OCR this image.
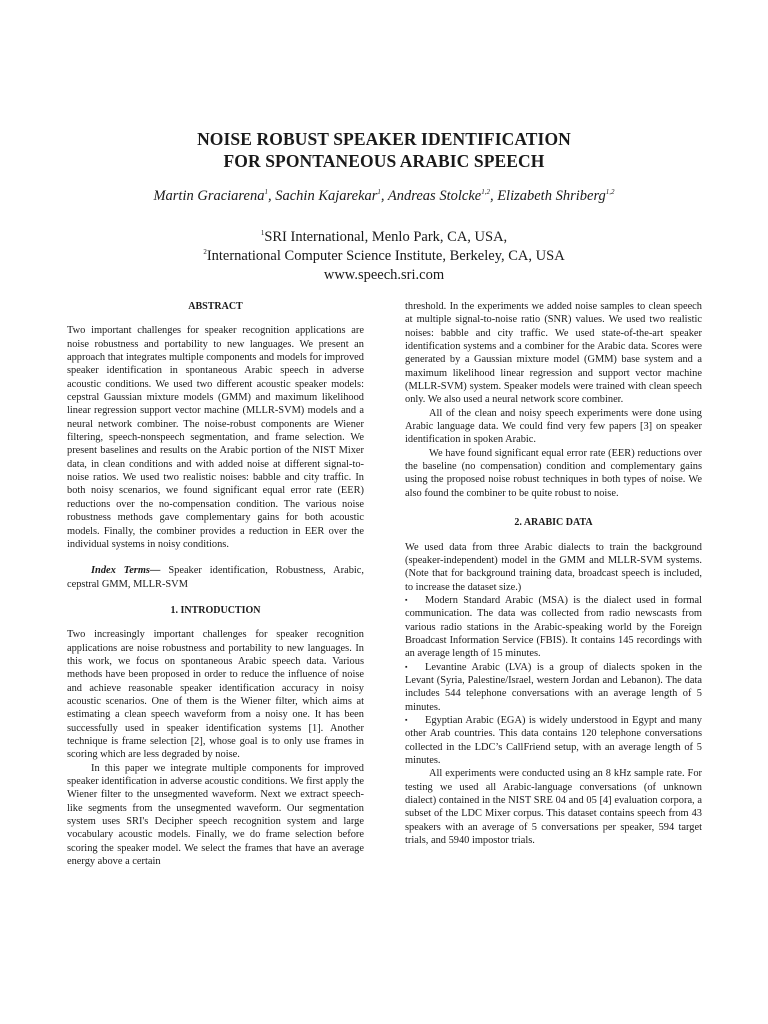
NOISE ROBUST SPEAKER IDENTIFICATION
FOR SPONTANEOUS ARABIC SPEECH
Martin Graciarena$^1$, Sachin Kajarekar$^1$, Andreas Stolcke$^{1,2}$, Elizabeth Shriberg$^{1,2}$
$^1$SRI International, Menlo Park, CA, USA,
$^2$International Computer Science Institute, Berkeley, CA, USA
www.speech.sri.com

ABSTRACT

Two important challenges for speaker recognition applications are noise robustness and portability to new languages. We present an approach that integrates multiple components and models for improved speaker identification in spontaneous Arabic speech in adverse acoustic conditions. We used two different acoustic speaker models: cepstral Gaussian mixture models (GMM) and maximum likelihood linear regression support vector machine (MLLR-SVM) models and a neural network combiner. The noise-robust components are Wiener filtering, speech-nonspeech segmentation, and frame selection. We present baselines and results on the Arabic portion of the NIST Mixer data, in clean conditions and with added noise at different signal-to-noise ratios. We used two realistic noises: babble and city traffic. In both noisy scenarios, we found significant equal error rate (EER) reductions over the no-compensation condition. The various noise robustness methods gave complementary gains for both acoustic models. Finally, the combiner provides a reduction in EER over the individual systems in noisy conditions.

Index Terms— Speaker identification, Robustness, Arabic, cepstral GMM, MLLR-SVM

1. INTRODUCTION

Two increasingly important challenges for speaker recognition applications are noise robustness and portability to new languages. In this work, we focus on spontaneous Arabic speech data. Various methods have been proposed in order to reduce the influence of noise and achieve reasonable speaker identification accuracy in noisy acoustic scenarios. One of them is the Wiener filter, which aims at estimating a clean speech waveform from a noisy one. It has been successfully used in speaker identification systems [1]. Another technique is frame selection [2], whose goal is to only use frames in scoring which are less degraded by noise.

In this paper we integrate multiple components for improved speaker identification in adverse acoustic conditions. We first apply the Wiener filter to the unsegmented waveform. Next we extract speech-like segments from the unsegmented waveform. Our segmentation system uses SRI's Decipher speech recognition system and large vocabulary acoustic models. Finally, we do frame selection before scoring the speaker model. We select the frames that have an average energy above a certain

threshold. In the experiments we added noise samples to clean speech at multiple signal-to-noise ratio (SNR) values. We used two realistic noises: babble and city traffic. We used state-of-the-art speaker identification systems and a combiner for the Arabic data. Scores were generated by a Gaussian mixture model (GMM) base system and a maximum likelihood linear regression and support vector machine (MLLR-SVM) system. Speaker models were trained with clean speech only. We also used a neural network score combiner.

All of the clean and noisy speech experiments were done using Arabic language data. We could find very few papers [3] on speaker identification in spoken Arabic.

We have found significant equal error rate (EER) reductions over the baseline (no compensation) condition and complementary gains using the proposed noise robust techniques in both types of noise. We also found the combiner to be quite robust to noise.

2. ARABIC DATA

We used data from three Arabic dialects to train the background (speaker-independent) model in the GMM and MLLR-SVM systems. (Note that for background training data, broadcast speech is included, to increase the dataset size.)

▪ Modern Standard Arabic (MSA) is the dialect used in formal communication. The data was collected from radio newscasts from various radio stations in the Arabic-speaking world by the Foreign Broadcast Information Service (FBIS). It contains 145 recordings with an average length of 15 minutes.

▪ Levantine Arabic (LVA) is a group of dialects spoken in the Levant (Syria, Palestine/Israel, western Jordan and Lebanon). The data includes 544 telephone conversations with an average length of 5 minutes.

▪ Egyptian Arabic (EGA) is widely understood in Egypt and many other Arab countries. This data contains 120 telephone conversations collected in the LDC’s CallFriend setup, with an average length of 5 minutes.

All experiments were conducted using an 8 kHz sample rate. For testing we used all Arabic-language conversations (of unknown dialect) contained in the NIST SRE 04 and 05 [4] evaluation corpora, a subset of the LDC Mixer corpus. This dataset contains speech from 43 speakers with an average of 5 conversations per speaker, 594 target trials, and 5940 impostor trials.
